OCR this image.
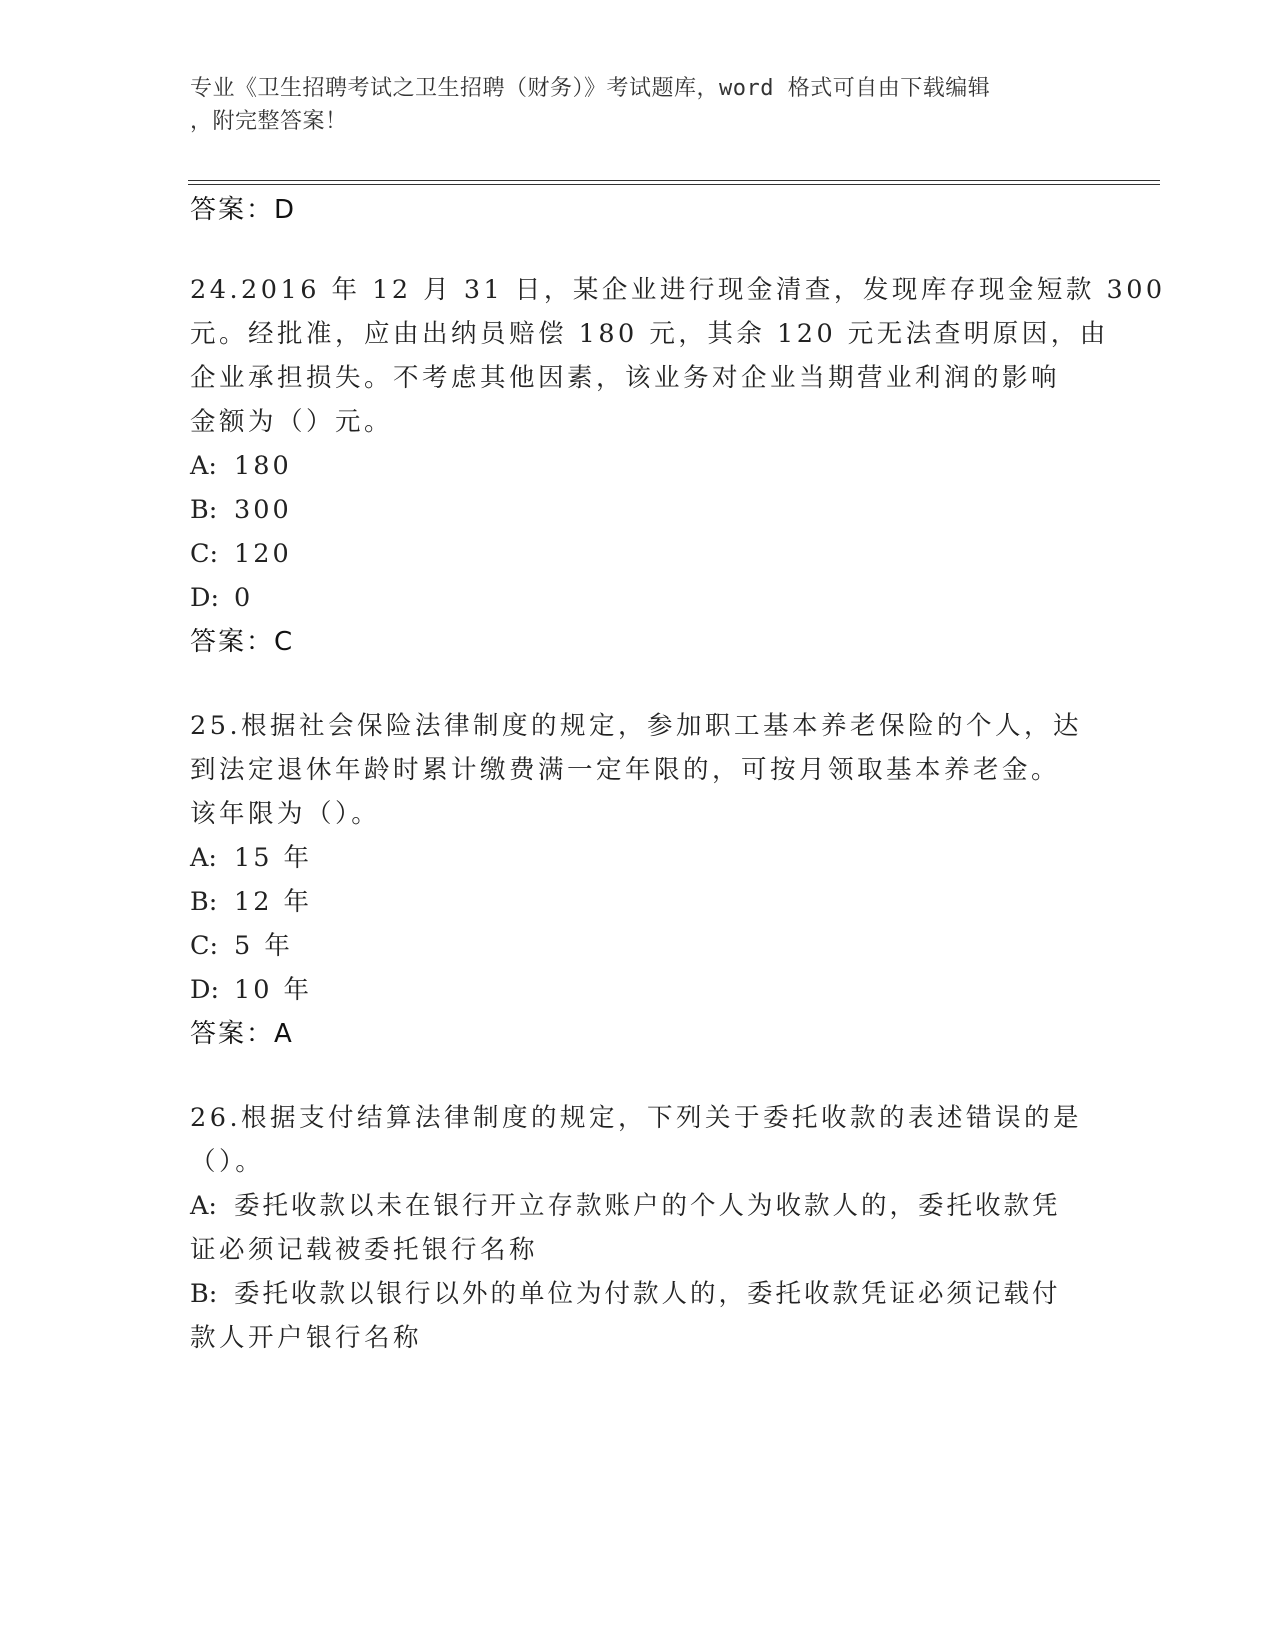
专业《卫生招聘考试之卫生招聘（财务）》考试题库，word 格式可自由下载编辑
，附完整答案！
答案：D
24.2016 年 12 月 31 日，某企业进行现金清查，发现库存现金短款 300
元。经批准，应由出纳员赔偿 180 元，其余 120 元无法查明原因，由
企业承担损失。不考虑其他因素，该业务对企业当期营业利润的影响
金额为（）元。
A: 180
B: 300
C: 120
D: 0
答案：C
25.根据社会保险法律制度的规定，参加职工基本养老保险的个人，达
到法定退休年龄时累计缴费满一定年限的，可按月领取基本养老金。
该年限为（）。
A: 15 年
B: 12 年
C: 5 年
D: 10 年
答案：A
26.根据支付结算法律制度的规定，下列关于委托收款的表述错误的是
（）。
A: 委托收款以未在银行开立存款账户的个人为收款人的，委托收款凭
证必须记载被委托银行名称
B: 委托收款以银行以外的单位为付款人的，委托收款凭证必须记载付
款人开户银行名称
